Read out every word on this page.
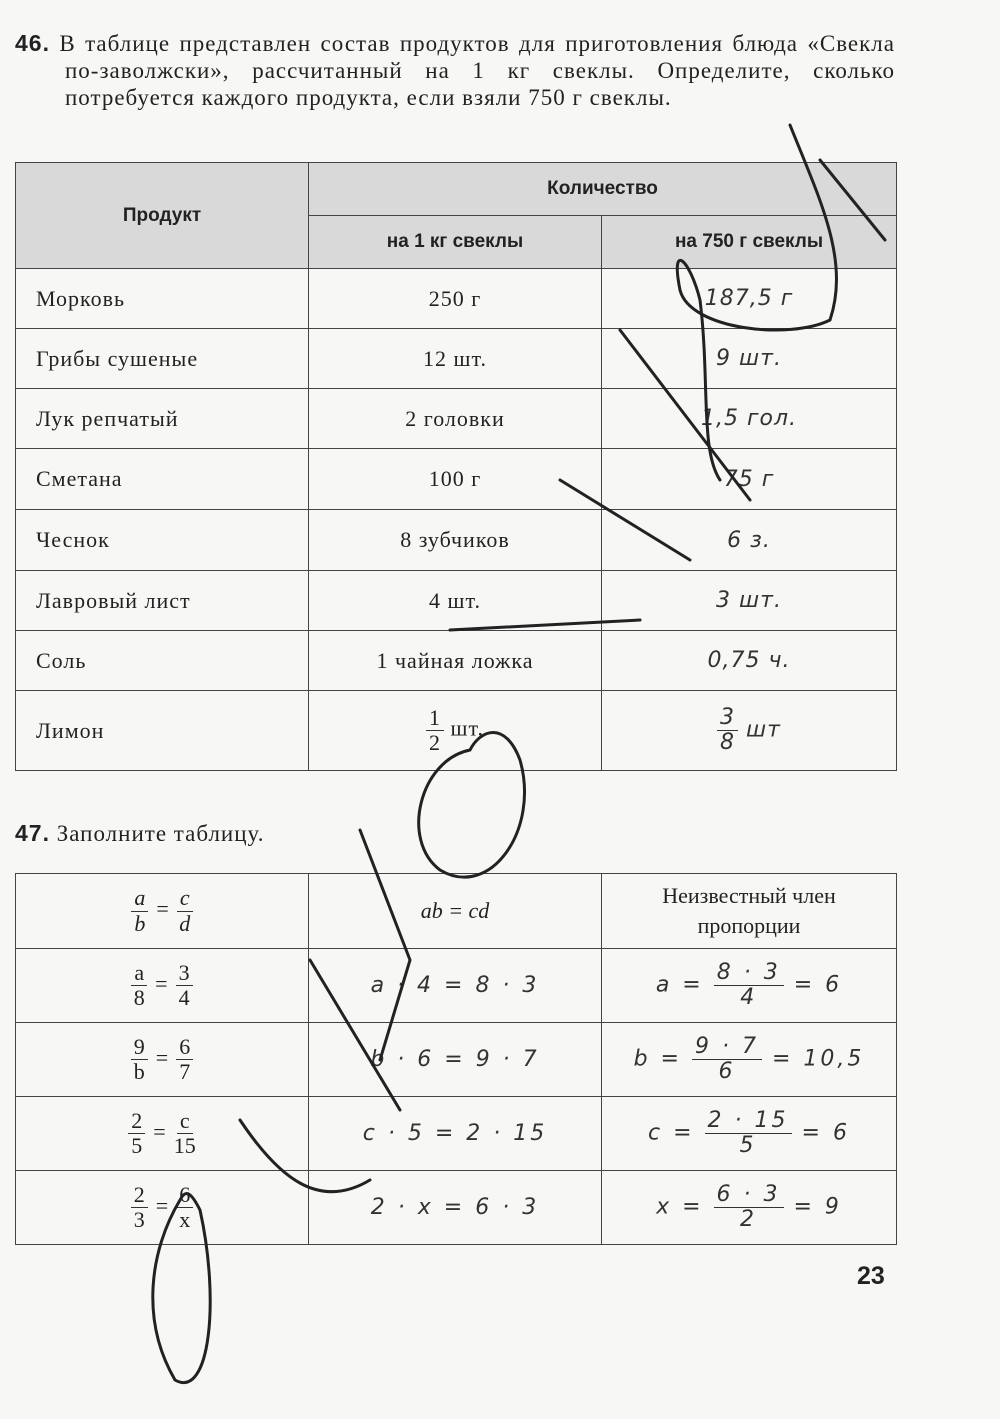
46. В таблице представлен состав продуктов для приготовления блюда «Свекла по-заволжски», рассчитанный на 1 кг свеклы. Определите, сколько потребуется каждого продукта, если взяли 750 г свеклы.
Продукт	Количество	
	на 1 кг свеклы	на 750 г свеклы
Морковь	250 г	187,5 г
Грибы сушеные	12 шт.	9 шт.
Лук репчатый	2 головки	1,5 гол.
Сметана	100 г	75 г
Чеснок	8 зубчиков	6 з.
Лавровый лист	4 шт.	3 шт.
Соль	1 чайная ложка	0,75 ч.
Лимон	$\frac{1}{2}$ шт.	$\frac{3}{8}$ шт
47. Заполните таблицу.
$\frac{a}{b} = \frac{c}{d}$	ab = cd	Неизвестный член пропорции

$\frac{a}{8} = \frac{3}{4}$	a · 4 = 8 · 3	$a = \frac{8 \cdot 3}{4} = 6$

$\frac{9}{b} = \frac{6}{7}$	b · 6 = 9 · 7	$b = \frac{9 \cdot 7}{6} = 10,5$

$\frac{2}{5} = \frac{c}{15}$	c · 5 = 2 · 15	$c = \frac{2 \cdot 15}{5} = 6$

$\frac{2}{3} = \frac{6}{x}$	2 · x = 6 · 3	$x = \frac{6 \cdot 3}{2} = 9$
23
